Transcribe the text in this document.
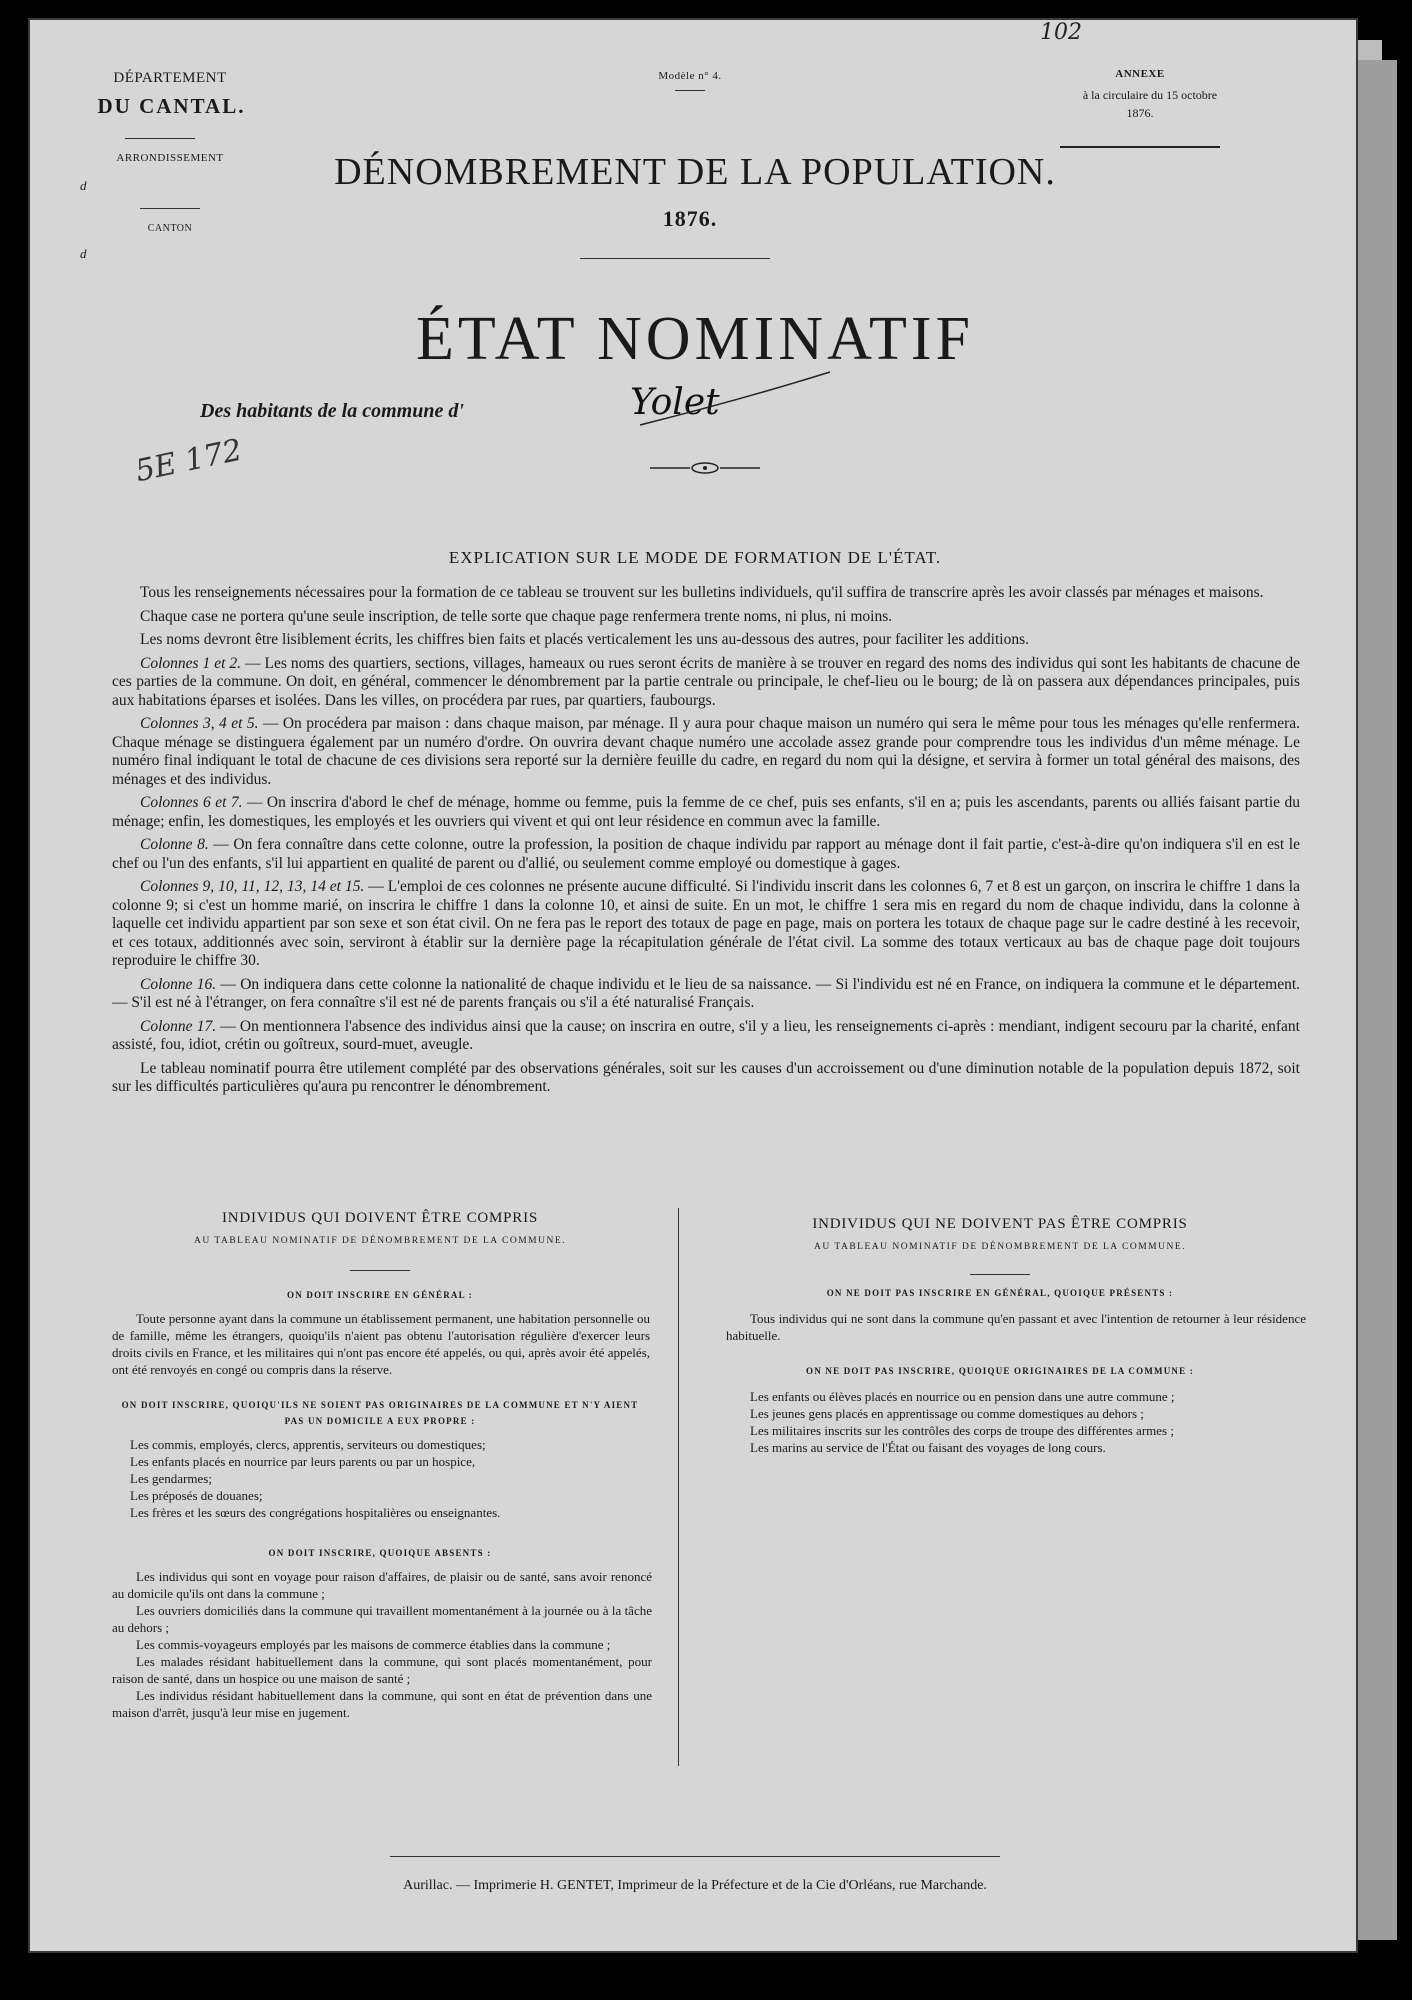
DÉPARTEMENT
DU CANTAL.
ARRONDISSEMENT
d
CANTON
d
Modèle n° 4.
102
ANNEXE
à la circulaire du 15 octobre
1876.
DÉNOMBREMENT DE LA POPULATION.
1876.
ÉTAT NOMINATIF
Des habitants de la commune d'	Yolet
5E 172
EXPLICATION SUR LE MODE DE FORMATION DE L'ÉTAT.

Tous les renseignements nécessaires pour la formation de ce tableau se trouvent sur les bulletins individuels, qu'il suffira de transcrire après les avoir classés par ménages et maisons.

Chaque case ne portera qu'une seule inscription, de telle sorte que chaque page renfermera trente noms, ni plus, ni moins.

Les noms devront être lisiblement écrits, les chiffres bien faits et placés verticalement les uns au-dessous des autres, pour faciliter les additions.

Colonnes 1 et 2. — Les noms des quartiers, sections, villages, hameaux ou rues seront écrits de manière à se trouver en regard des noms des individus qui sont les habitants de chacune de ces parties de la commune. On doit, en général, commencer le dénombrement par la partie centrale ou principale, le chef-lieu ou le bourg; de là on passera aux dépendances principales, puis aux habitations éparses et isolées. Dans les villes, on procédera par rues, par quartiers, faubourgs.

Colonnes 3, 4 et 5. — On procédera par maison : dans chaque maison, par ménage. Il y aura pour chaque maison un numéro qui sera le même pour tous les ménages qu'elle renfermera. Chaque ménage se distinguera également par un numéro d'ordre. On ouvrira devant chaque numéro une accolade assez grande pour comprendre tous les individus d'un même ménage. Le numéro final indiquant le total de chacune de ces divisions sera reporté sur la dernière feuille du cadre, en regard du nom qui la désigne, et servira à former un total général des maisons, des ménages et des individus.

Colonnes 6 et 7. — On inscrira d'abord le chef de ménage, homme ou femme, puis la femme de ce chef, puis ses enfants, s'il en a; puis les ascendants, parents ou alliés faisant partie du ménage; enfin, les domestiques, les employés et les ouvriers qui vivent et qui ont leur résidence en commun avec la famille.

Colonne 8. — On fera connaître dans cette colonne, outre la profession, la position de chaque individu par rapport au ménage dont il fait partie, c'est-à-dire qu'on indiquera s'il en est le chef ou l'un des enfants, s'il lui appartient en qualité de parent ou d'allié, ou seulement comme employé ou domestique à gages.

Colonnes 9, 10, 11, 12, 13, 14 et 15. — L'emploi de ces colonnes ne présente aucune difficulté. Si l'individu inscrit dans les colonnes 6, 7 et 8 est un garçon, on inscrira le chiffre 1 dans la colonne 9; si c'est un homme marié, on inscrira le chiffre 1 dans la colonne 10, et ainsi de suite. En un mot, le chiffre 1 sera mis en regard du nom de chaque individu, dans la colonne à laquelle cet individu appartient par son sexe et son état civil. On ne fera pas le report des totaux de page en page, mais on portera les totaux de chaque page sur le cadre destiné à les recevoir, et ces totaux, additionnés avec soin, serviront à établir sur la dernière page la récapitulation générale de l'état civil. La somme des totaux verticaux au bas de chaque page doit toujours reproduire le chiffre 30.

Colonne 16. — On indiquera dans cette colonne la nationalité de chaque individu et le lieu de sa naissance. — Si l'individu est né en France, on indiquera la commune et le département. — S'il est né à l'étranger, on fera connaître s'il est né de parents français ou s'il a été naturalisé Français.

Colonne 17. — On mentionnera l'absence des individus ainsi que la cause; on inscrira en outre, s'il y a lieu, les renseignements ci-après : mendiant, indigent secouru par la charité, enfant assisté, fou, idiot, crétin ou goîtreux, sourd-muet, aveugle.

Le tableau nominatif pourra être utilement complété par des observations générales, soit sur les causes d'un accroissement ou d'une diminution notable de la population depuis 1872, soit sur les difficultés particulières qu'aura pu rencontrer le dénombrement.

INDIVIDUS QUI DOIVENT ÊTRE COMPRIS
AU TABLEAU NOMINATIF DE DÉNOMBREMENT DE LA COMMUNE.
ON DOIT INSCRIRE EN GÉNÉRAL :

Toute personne ayant dans la commune un établissement permanent, une habitation personnelle ou de famille, même les étrangers, quoiqu'ils n'aient pas obtenu l'autorisation régulière d'exercer leurs droits civils en France, et les militaires qui n'ont pas encore été appelés, ou qui, après avoir été appelés, ont été renvoyés en congé ou compris dans la réserve.

ON DOIT INSCRIRE, QUOIQU'ILS NE SOIENT PAS ORIGINAIRES DE LA COMMUNE ET N'Y AIENT
PAS UN DOMICILE A EUX PROPRE :
Les commis, employés, clercs, apprentis, serviteurs ou domestiques;
Les enfants placés en nourrice par leurs parents ou par un hospice,
Les gendarmes;
Les préposés de douanes;
Les frères et les sœurs des congrégations hospitalières ou enseignantes.
ON DOIT INSCRIRE, QUOIQUE ABSENTS :

Les individus qui sont en voyage pour raison d'affaires, de plaisir ou de santé, sans avoir renoncé au domicile qu'ils ont dans la commune ;

Les ouvriers domiciliés dans la commune qui travaillent momentanément à la journée ou à la tâche au dehors ;

Les commis-voyageurs employés par les maisons de commerce établies dans la commune ;

Les malades résidant habituellement dans la commune, qui sont placés momentanément, pour raison de santé, dans un hospice ou une maison de santé ;

Les individus résidant habituellement dans la commune, qui sont en état de prévention dans une maison d'arrêt, jusqu'à leur mise en jugement.

INDIVIDUS QUI NE DOIVENT PAS ÊTRE COMPRIS
AU TABLEAU NOMINATIF DE DÉNOMBREMENT DE LA COMMUNE.
ON NE DOIT PAS INSCRIRE EN GÉNÉRAL, QUOIQUE PRÉSENTS :

Tous individus qui ne sont dans la commune qu'en passant et avec l'intention de retourner à leur résidence habituelle.

ON NE DOIT PAS INSCRIRE, QUOIQUE ORIGINAIRES DE LA COMMUNE :
Les enfants ou élèves placés en nourrice ou en pension dans une autre commune ;
Les jeunes gens placés en apprentissage ou comme domestiques au dehors ;
Les militaires inscrits sur les contrôles des corps de troupe des différentes armes ;
Les marins au service de l'État ou faisant des voyages de long cours.
Aurillac. — Imprimerie H. GENTET, Imprimeur de la Préfecture et de la Cie d'Orléans, rue Marchande.
